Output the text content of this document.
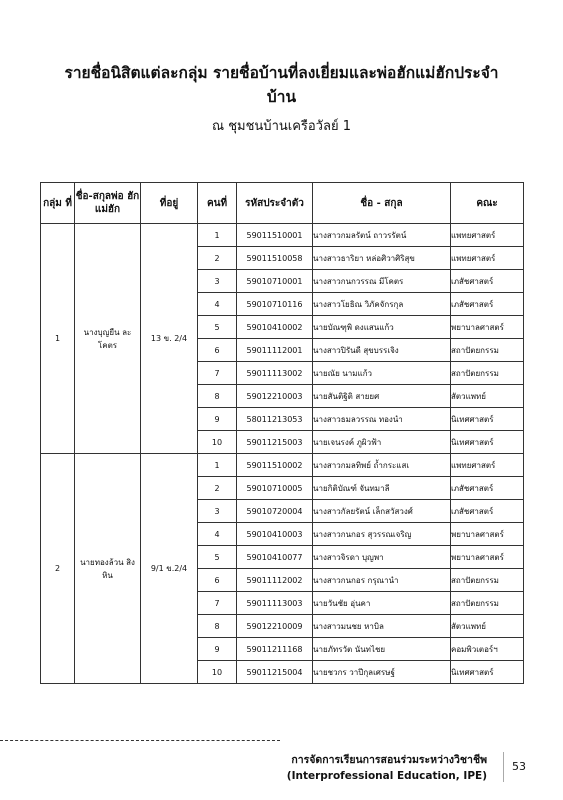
รายชื่อนิสิตแต่ละกลุ่ม รายชื่อบ้านที่ลงเยี่ยมและพ่อฮักแม่ฮักประจำ
บ้าน
ณ ชุมชนบ้านเครือวัลย์ 1
กลุ่ม ที่	ชื่อ-สกุลพ่อ ฮักแม่ฮัก	ที่อยู่	คนที่	รหัสประจำตัว	ชื่อ - สกุล	คณะ
1	นางบุญยืน ละ โคตร	13 ข. 2/4	1	59011510001	นางสาวกมลรัตน์ ถาวรรัตน์	แพทยศาสตร์
			2	59011510058	นางสาวธาริยา หล่อศิวาศิริสุข	แพทยศาสตร์
			3	59010710001	นางสาวกนกวรรณ มีโคตร	เภสัชศาสตร์
			4	59010710116	นางสาวโยธิณ วิภัคจักรกุล	เภสัชศาสตร์
			5	59010410002	นายบัณฑุพิ ดงแสนแก้ว	พยาบาลศาสตร์
			6	59011112001	นางสาวปิรันดี สุขบรรเจิง	สถาปัตยกรรม
			7	59011113002	นายณัย นามแก้ว	สถาปัตยกรรม
			8	59012210003	นายสันติฐิติ สายยศ	สัตวแพทย์
			9	58011213053	นางสาวธมลวรรณ ทองนำ	นิเทศศาสตร์
			10	59011215003	นายเจนรงค์ ภูผิวฟ้า	นิเทศศาสตร์
2	นายทองล้วน สิงหิน	9/1 ข.2/4	1	59011510002	นางสาวกมลทิพย์ ถ้ำกระแสเ	แพทยศาสตร์
			2	59010710005	นายกิติบัณฑ์ จันทมาลี	เภสัชศาสตร์
			3	59010720004	นางสาวกัลยรัตน์ เล็กสวัสวงศ์	เภสัชศาสตร์
			4	59010410003	นางสาวกนกอร สุวรรณเจริญ	พยาบาลศาสตร์
			5	59010410077	นางสาวจิรดา บุญพา	พยาบาลศาสตร์
			6	59011112002	นางสาวกนกอร กรุณานำ	สถาปัตยกรรม
			7	59011113003	นายวันชัย อุ่นคา	สถาปัตยกรรม
			8	59012210009	นางสาวมนชย หาบิล	สัตวแพทย์
			9	59011211168	นายภัทรวัต นันทไชย	คอมพิวเตอร์ฯ
			10	59011215004	นายชวกร วาปีกุลเศรษฐ์	นิเทศศาสตร์
การจัดการเรียนการสอนร่วมระหว่างวิชาชีพ
(Interprofessional Education, IPE)
53
